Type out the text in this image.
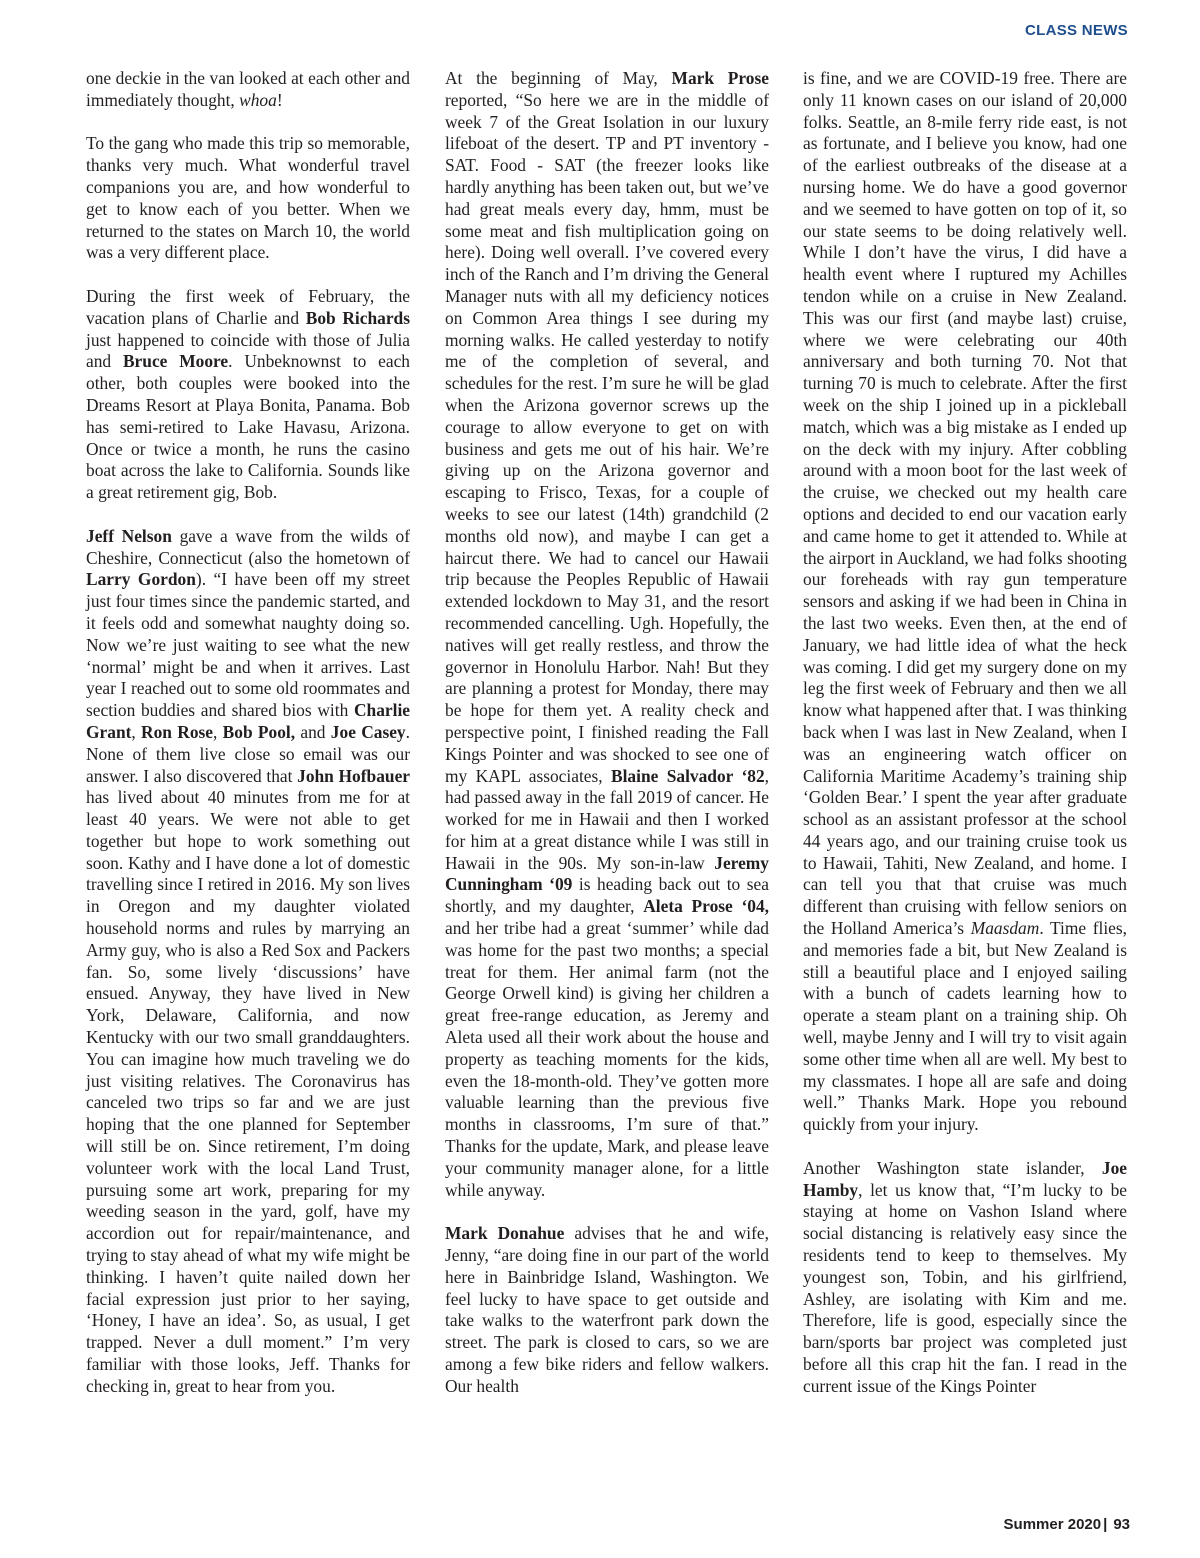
CLASS NEWS

one deckie in the van looked at each other and immediately thought, whoa!

To the gang who made this trip so memorable, thanks very much. What wonderful travel companions you are, and how wonderful to get to know each of you better. When we returned to the states on March 10, the world was a very different place.

During the first week of February, the vacation plans of Charlie and Bob Richards just happened to coincide with those of Julia and Bruce Moore. Unbeknownst to each other, both couples were booked into the Dreams Resort at Playa Bonita, Panama. Bob has semi-retired to Lake Havasu, Arizona. Once or twice a month, he runs the casino boat across the lake to California. Sounds like a great retirement gig, Bob.

Jeff Nelson gave a wave from the wilds of Cheshire, Connecticut (also the hometown of Larry Gordon). “I have been off my street just four times since the pandemic started, and it feels odd and somewhat naughty doing so. Now we’re just waiting to see what the new ‘normal’ might be and when it arrives. Last year I reached out to some old roommates and section buddies and shared bios with Charlie Grant, Ron Rose, Bob Pool, and Joe Casey. None of them live close so email was our answer. I also discovered that John Hofbauer has lived about 40 minutes from me for at least 40 years. We were not able to get together but hope to work something out soon. Kathy and I have done a lot of domestic travelling since I retired in 2016. My son lives in Oregon and my daughter violated household norms and rules by marrying an Army guy, who is also a Red Sox and Packers fan. So, some lively ‘discussions’ have ensued. Anyway, they have lived in New York, Delaware, California, and now Kentucky with our two small granddaughters. You can imagine how much traveling we do just visiting relatives. The Coronavirus has canceled two trips so far and we are just hoping that the one planned for September will still be on. Since retirement, I’m doing volunteer work with the local Land Trust, pursuing some art work, preparing for my weeding season in the yard, golf, have my accordion out for repair/maintenance, and trying to stay ahead of what my wife might be thinking. I haven’t quite nailed down her facial expression just prior to her saying, ‘Honey, I have an idea’. So, as usual, I get trapped. Never a dull moment.” I’m very familiar with those looks, Jeff. Thanks for checking in, great to hear from you.

At the beginning of May, Mark Prose reported, “So here we are in the middle of week 7 of the Great Isolation in our luxury lifeboat of the desert. TP and PT inventory - SAT. Food - SAT (the freezer looks like hardly anything has been taken out, but we’ve had great meals every day, hmm, must be some meat and fish multiplication going on here). Doing well overall. I’ve covered every inch of the Ranch and I’m driving the General Manager nuts with all my deficiency notices on Common Area things I see during my morning walks. He called yesterday to notify me of the completion of several, and schedules for the rest. I’m sure he will be glad when the Arizona governor screws up the courage to allow everyone to get on with business and gets me out of his hair. We’re giving up on the Arizona governor and escaping to Frisco, Texas, for a couple of weeks to see our latest (14th) grandchild (2 months old now), and maybe I can get a haircut there. We had to cancel our Hawaii trip because the Peoples Republic of Hawaii extended lockdown to May 31, and the resort recommended cancelling. Ugh. Hopefully, the natives will get really restless, and throw the governor in Honolulu Harbor. Nah! But they are planning a protest for Monday, there may be hope for them yet. A reality check and perspective point, I finished reading the Fall Kings Pointer and was shocked to see one of my KAPL associates, Blaine Salvador ‘82, had passed away in the fall 2019 of cancer. He worked for me in Hawaii and then I worked for him at a great distance while I was still in Hawaii in the 90s. My son-in-law Jeremy Cunningham ‘09 is heading back out to sea shortly, and my daughter, Aleta Prose ‘04, and her tribe had a great ‘summer’ while dad was home for the past two months; a special treat for them. Her animal farm (not the George Orwell kind) is giving her children a great free-range education, as Jeremy and Aleta used all their work about the house and property as teaching moments for the kids, even the 18-month-old. They’ve gotten more valuable learning than the previous five months in classrooms, I’m sure of that.” Thanks for the update, Mark, and please leave your community manager alone, for a little while anyway.

Mark Donahue advises that he and wife, Jenny, “are doing fine in our part of the world here in Bainbridge Island, Washington. We feel lucky to have space to get outside and take walks to the waterfront park down the street. The park is closed to cars, so we are among a few bike riders and fellow walkers. Our health

is fine, and we are COVID-19 free. There are only 11 known cases on our island of 20,000 folks. Seattle, an 8-mile ferry ride east, is not as fortunate, and I believe you know, had one of the earliest outbreaks of the disease at a nursing home. We do have a good governor and we seemed to have gotten on top of it, so our state seems to be doing relatively well. While I don’t have the virus, I did have a health event where I ruptured my Achilles tendon while on a cruise in New Zealand. This was our first (and maybe last) cruise, where we were celebrating our 40th anniversary and both turning 70. Not that turning 70 is much to celebrate. After the first week on the ship I joined up in a pickleball match, which was a big mistake as I ended up on the deck with my injury. After cobbling around with a moon boot for the last week of the cruise, we checked out my health care options and decided to end our vacation early and came home to get it attended to. While at the airport in Auckland, we had folks shooting our foreheads with ray gun temperature sensors and asking if we had been in China in the last two weeks. Even then, at the end of January, we had little idea of what the heck was coming. I did get my surgery done on my leg the first week of February and then we all know what happened after that. I was thinking back when I was last in New Zealand, when I was an engineering watch officer on California Maritime Academy’s training ship ‘Golden Bear.’ I spent the year after graduate school as an assistant professor at the school 44 years ago, and our training cruise took us to Hawaii, Tahiti, New Zealand, and home. I can tell you that that cruise was much different than cruising with fellow seniors on the Holland America’s Maasdam. Time flies, and memories fade a bit, but New Zealand is still a beautiful place and I enjoyed sailing with a bunch of cadets learning how to operate a steam plant on a training ship. Oh well, maybe Jenny and I will try to visit again some other time when all are well. My best to my classmates. I hope all are safe and doing well.” Thanks Mark. Hope you rebound quickly from your injury.

Another Washington state islander, Joe Hamby, let us know that, “I’m lucky to be staying at home on Vashon Island where social distancing is relatively easy since the residents tend to keep to themselves. My youngest son, Tobin, and his girlfriend, Ashley, are isolating with Kim and me. Therefore, life is good, especially since the barn/sports bar project was completed just before all this crap hit the fan. I read in the current issue of the Kings Pointer

Summer 2020 | 93
